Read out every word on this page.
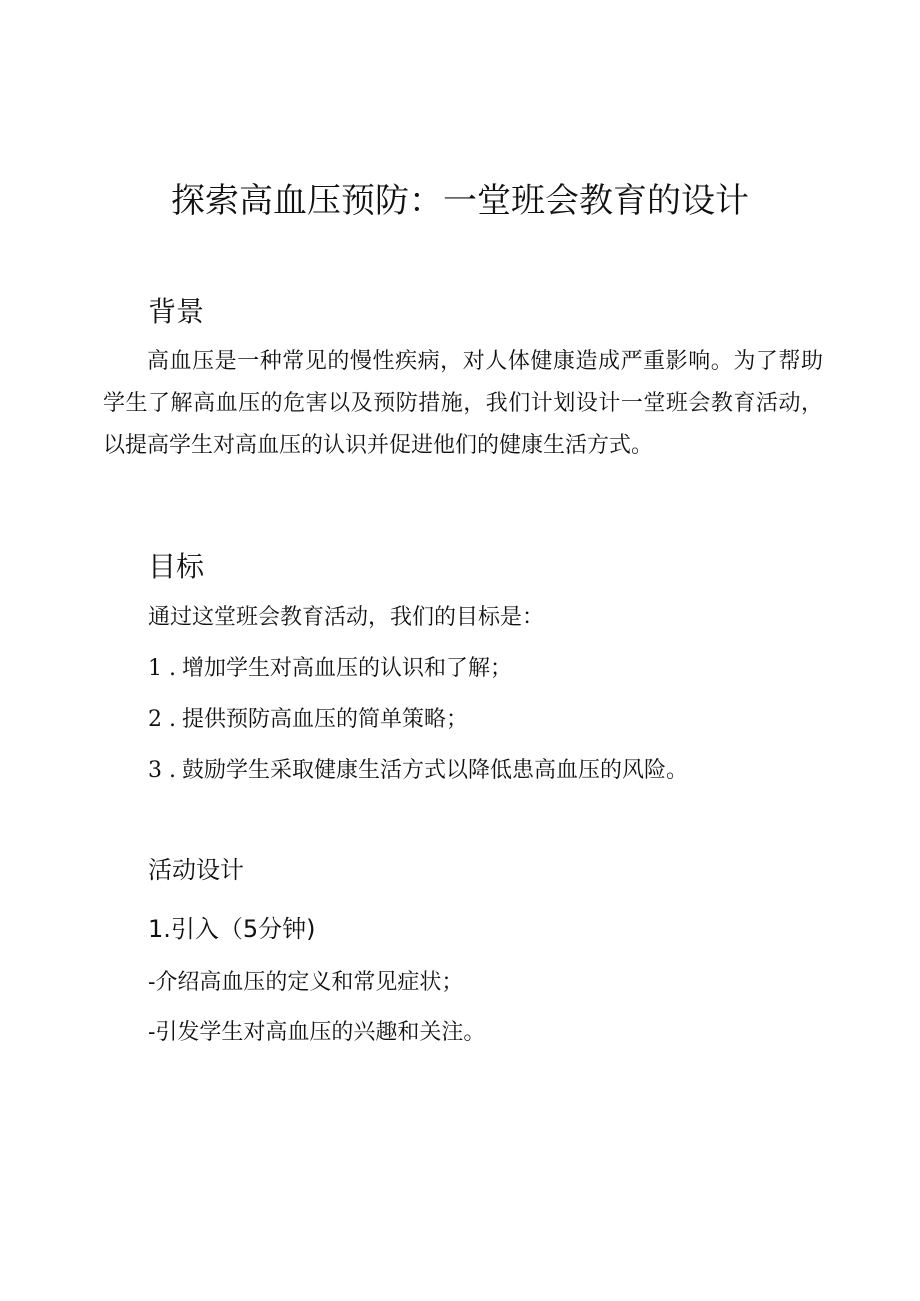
探索高血压预防：一堂班会教育的设计
背景

高血压是一种常见的慢性疾病，对人体健康造成严重影响。为了帮助学生了解高血压的危害以及预防措施，我们计划设计一堂班会教育活动，以提高学生对高血压的认识并促进他们的健康生活方式。

目标

通过这堂班会教育活动，我们的目标是：

1 . 增加学生对高血压的认识和了解；

2 . 提供预防高血压的简单策略；

3 . 鼓励学生采取健康生活方式以降低患高血压的风险。

活动设计
1.引入（5分钟)

-介绍高血压的定义和常见症状；

-引发学生对高血压的兴趣和关注。
